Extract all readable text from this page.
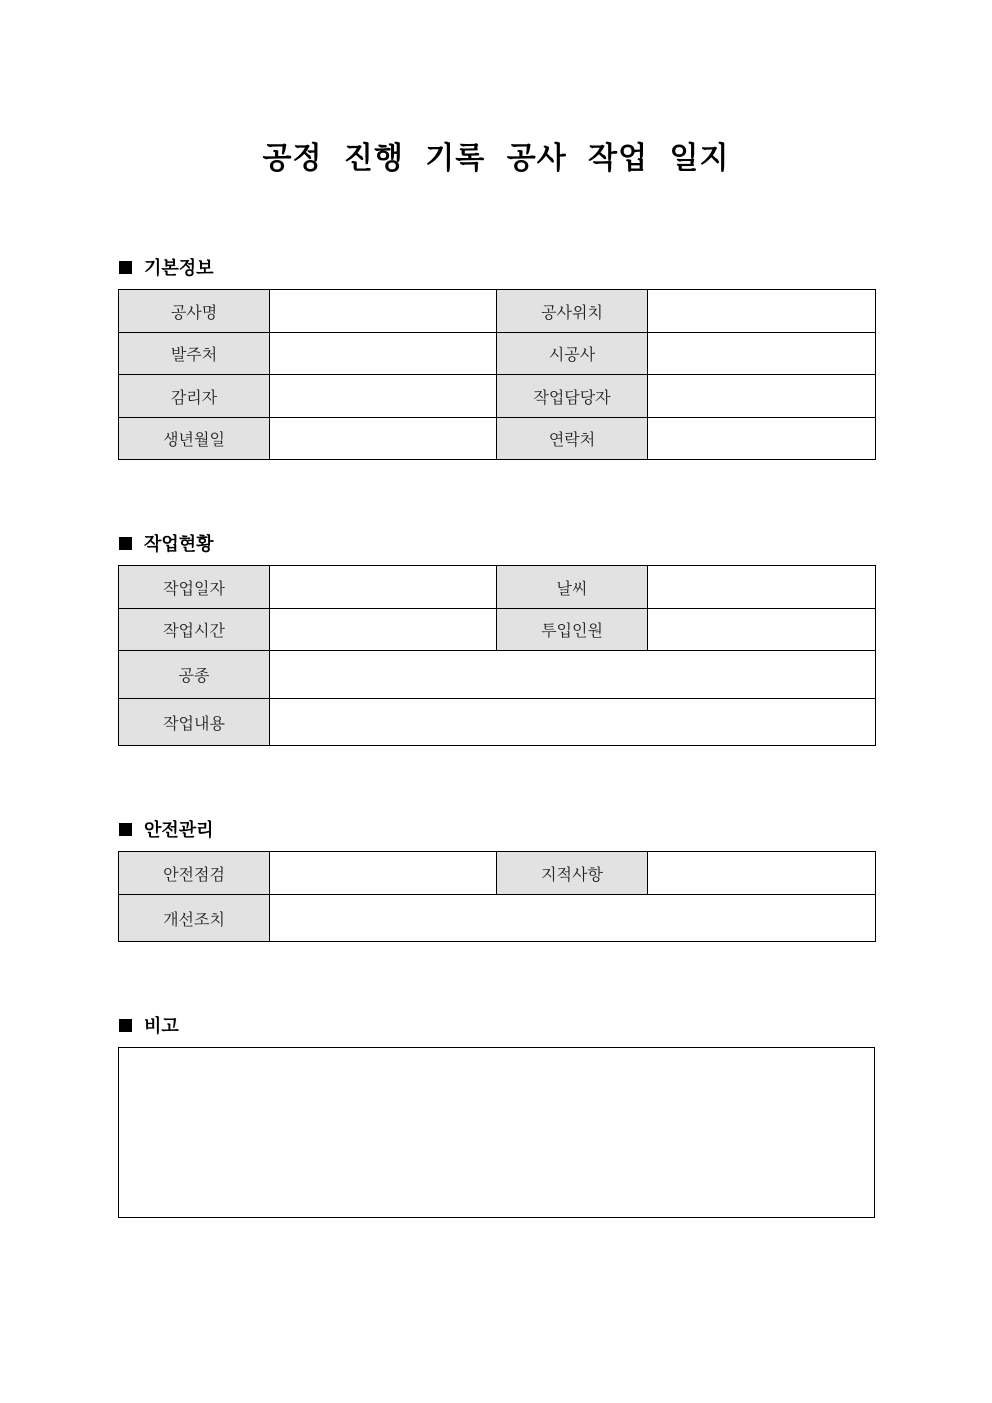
공정 진행 기록 공사 작업 일지
기본정보
공사명		공사위치	
발주처		시공사	
감리자		작업담당자	
생년월일		연락처	
작업현황
작업일자		날씨	
작업시간		투입인원	
공종			
작업내용			
안전관리
안전점검		지적사항	
개선조치			
비고
